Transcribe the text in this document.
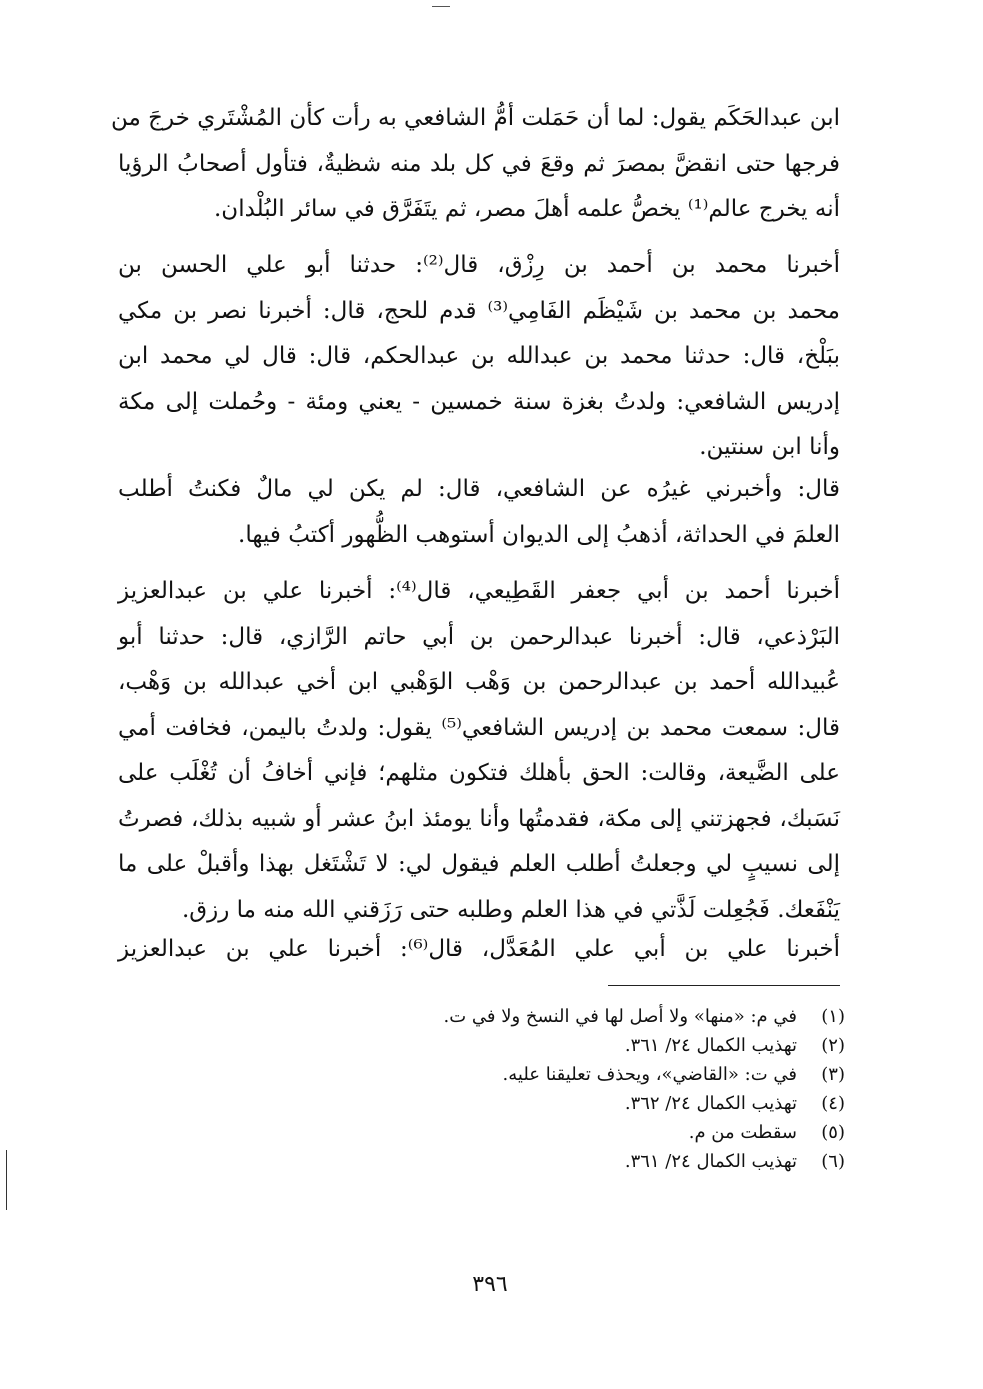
ابن عبدالحَكَم يقول: لما أن حَمَلت أمُّ الشافعي به رأت كأن المُشْتَري خرجَ من
فرجها حتى انقضَّ بمصرَ ثم وقعَ في كل بلد منه شظيةٌ، فتأول أصحابُ الرؤيا
أنه يخرج عالم⁽¹⁾ يخصُّ علمه أهلَ مصر، ثم يتَفَرَّق في سائر البُلْدان.
أخبرنا محمد بن أحمد بن رِزْق، قال⁽²⁾: حدثنا أبو علي الحسن بن
محمد بن محمد بن شَيْظَم الفَامِي⁽³⁾ قدم للحج، قال: أخبرنا نصر بن مكي
ببَلْخ، قال: حدثنا محمد بن عبدالله بن عبدالحكم، قال: قال لي محمد ابن
إدريس الشافعي: ولدتُ بغزة سنة خمسين - يعني ومئة - وحُملت إلى مكة
وأنا ابن سنتين.
قال: وأخبرني غيرُه عن الشافعي، قال: لم يكن لي مالٌ فكنتُ أطلب
العلمَ في الحداثة، أذهبُ إلى الديوان أستوهب الظُّهور أكتبُ فيها.
أخبرنا أحمد بن أبي جعفر القَطِيعي، قال⁽⁴⁾: أخبرنا علي بن عبدالعزيز
البَرْذعي، قال: أخبرنا عبدالرحمن بن أبي حاتم الرَّازي، قال: حدثنا أبو
عُبيدالله أحمد بن عبدالرحمن بن وَهْب الوَهْبي ابن أخي عبدالله بن وَهْب،
قال: سمعت محمد بن إدريس الشافعي⁽⁵⁾ يقول: ولدتُ باليمن، فخافت أمي
على الضَّيعة، وقالت: الحق بأهلك فتكون مثلهم؛ فإني أخافُ أن تُغْلَب على
نَسَبك، فجهزتني إلى مكة، فقدمتُها وأنا يومئذ ابنُ عشر أو شبيه بذلك، فصرتُ
إلى نسيبٍ لي وجعلتُ أطلب العلم فيقول لي: لا تَشْتَغل بهذا وأقبلْ على ما
يَنْفَعك. فَجُعِلت لَذَّتي في هذا العلم وطلبه حتى رَزَقني الله منه ما رزق.
أخبرنا علي بن أبي علي المُعَدَّل، قال⁽⁶⁾: أخبرنا علي بن عبدالعزيز
(١)
في م: «منها» ولا أصل لها في النسخ ولا في ت.
(٢)
تهذيب الكمال ٢٤/ ٣٦١.
(٣)
في ت: «القاضي»، ويحذف تعليقنا عليه.
(٤)
تهذيب الكمال ٢٤/ ٣٦٢.
(٥)
سقطت من م.
(٦)
تهذيب الكمال ٢٤/ ٣٦١.
٣٩٦
